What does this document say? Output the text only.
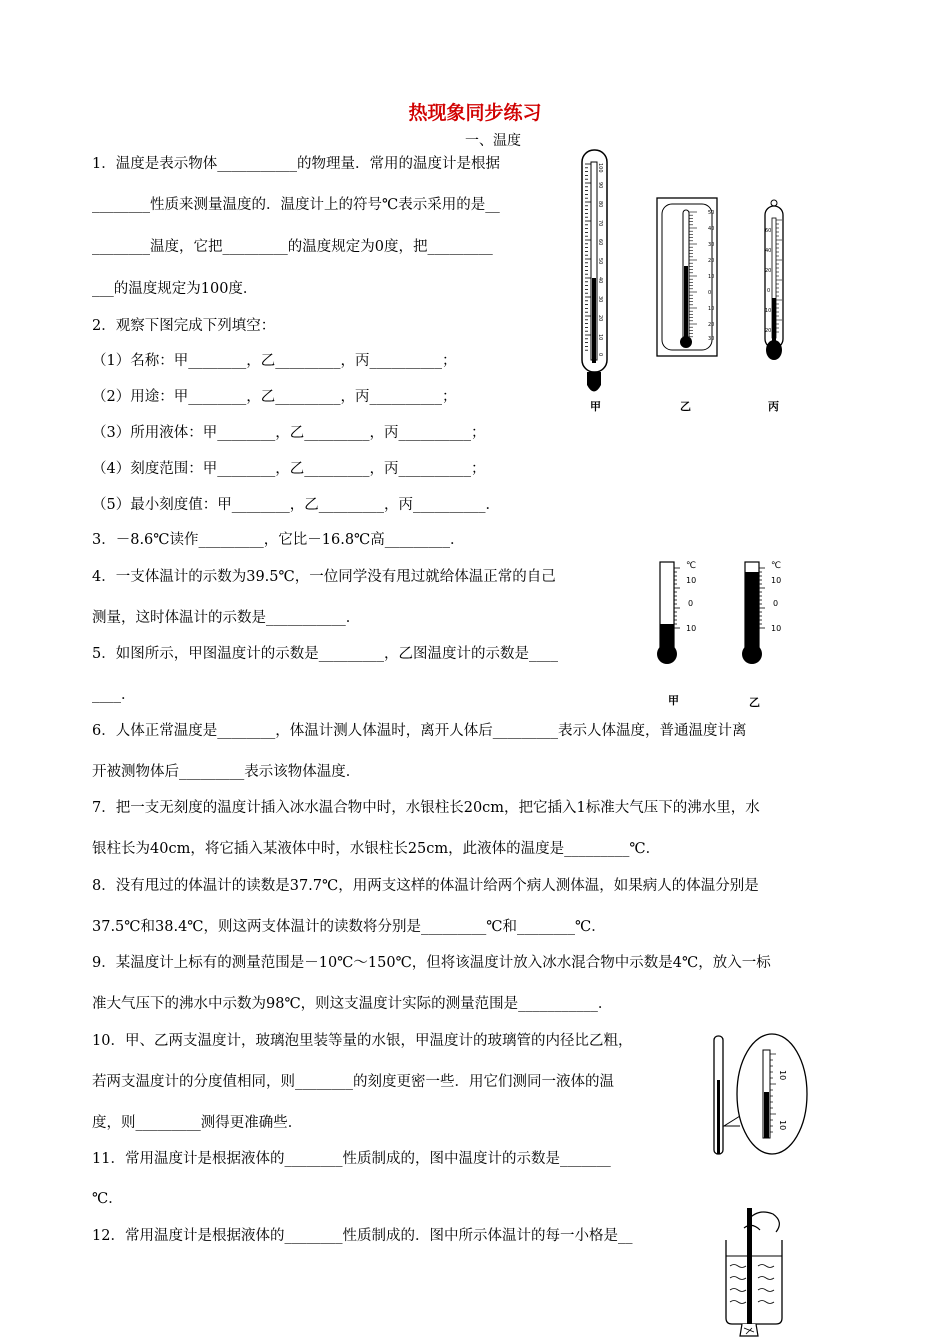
热现象同步练习
一、温度
1．温度是表示物体___________的物理量．常用的温度计是根据
________性质来测量温度的．温度计上的符号℃表示采用的是__
________温度，它把_________的温度规定为0度，把_________
___的温度规定为100度．
2．观察下图完成下列填空：
（1）名称：甲________，乙_________，丙__________；
（2）用途：甲________，乙_________，丙__________；
（3）所用液体：甲________，乙_________，丙__________；
（4）刻度范围：甲________，乙_________，丙__________；
（5）最小刻度值：甲________，乙_________，丙__________．
3．－8.6℃读作_________，它比－16.8℃高_________．
4．一支体温计的示数为39.5℃，一位同学没有甩过就给体温正常的自己
测量，这时体温计的示数是___________．
5．如图所示，甲图温度计的示数是_________，乙图温度计的示数是____
____．
6．人体正常温度是________，体温计测人体温时，离开人体后_________表示人体温度，普通温度计离
开被测物体后_________表示该物体温度．
7．把一支无刻度的温度计插入冰水温合物中时，水银柱长20cm，把它插入1标准大气压下的沸水里，水
银柱长为40cm，将它插入某液体中时，水银柱长25cm，此液体的温度是_________℃．
8．没有甩过的体温计的读数是37.7℃，用两支这样的体温计给两个病人测体温，如果病人的体温分别是
37.5℃和38.4℃，则这两支体温计的读数将分别是_________℃和________℃．
9．某温度计上标有的测量范围是－10℃～150℃，但将该温度计放入冰水混合物中示数是4℃，放入一标
准大气压下的沸水中示数为98℃，则这支温度计实际的测量范围是___________．
10．甲、乙两支温度计，玻璃泡里装等量的水银，甲温度计的玻璃管的内径比乙粗，
若两支温度计的分度值相同，则________的刻度更密一些．用它们测同一液体的温
度，则_________测得更准确些．
11．常用温度计是根据液体的________性质制成的，图中温度计的示数是_______
℃．
12．常用温度计是根据液体的________性质制成的．图中所示体温计的每一小格是__
0
10
20
30
40
50
60
70
80
90
100
50
40
30
20
10
0
10
20
30
60
40
20
0
10
20
甲	乙	丙
℃
10
0
10
℃
10
0
10
甲	乙
10
10
